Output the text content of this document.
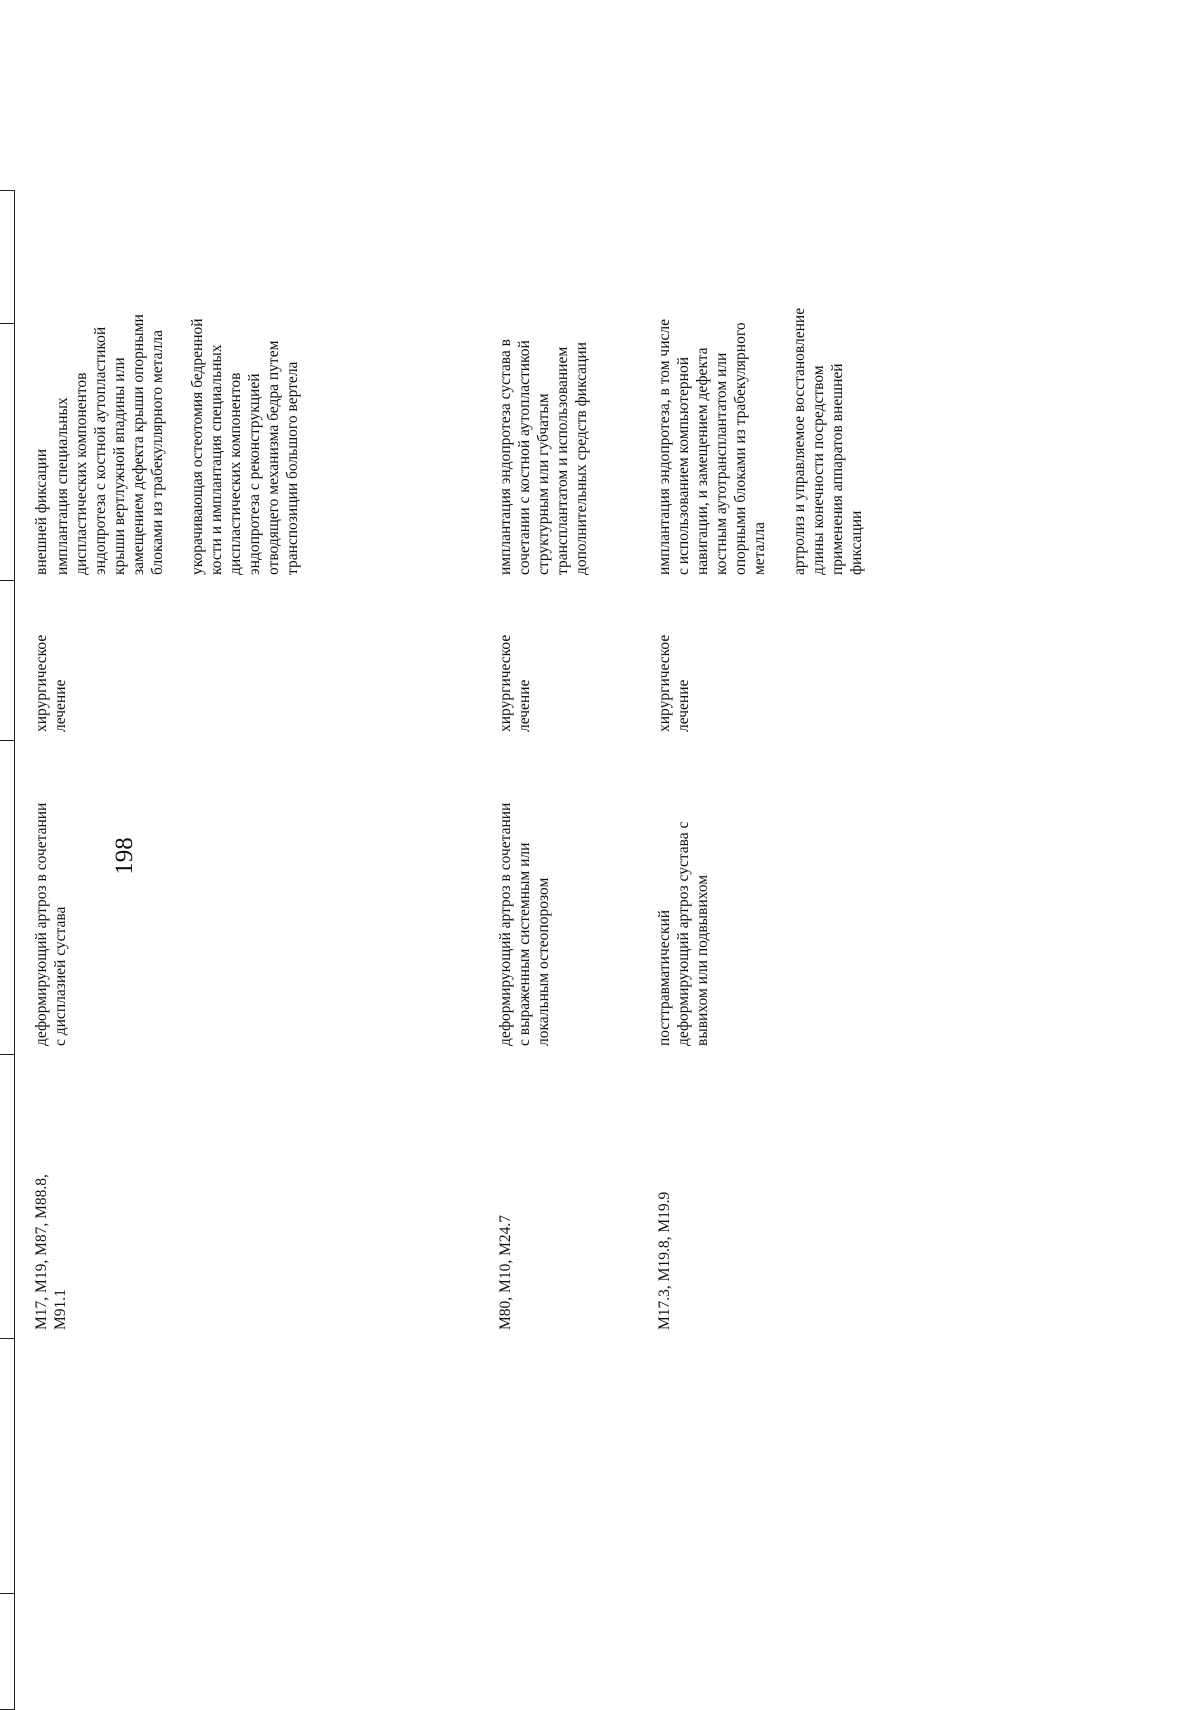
198
М17, М19, М87, М88.8, М91.1
деформирующий артроз в сочетании с дисплазией сустава
хирургическое лечение
внешней фиксации имплантация специальных диспластических компонентов эндопротеза с костной аутопластикой крыши вертлужной впадины или замещением дефекта крыши опорными блоками из трабекуллярного металла укорачивающая остеотомия бедренной кости и имплантация специальных диспластических компонентов эндопротеза с реконструкцией отводящего механизма бедра путем транспозиции большого вертела
М80, М10, М24.7
деформирующий артроз в сочетании с выраженным системным или локальным остеопорозом
хирургическое лечение
имплантация эндопротеза сустава в сочетании с костной аутопластикой структурным или губчатым трансплантатом и использованием дополнительных средств фиксации
М17.3, М19.8, М19.9
посттравматический деформирующий артроз сустава с вывихом или подвывихом
хирургическое лечение
имплантация эндопротеза, в том числе с использованием компьютерной навигации, и замещением дефекта костным аутотрансплантатом или опорными блоками из трабекулярного металла артролиз и управляемое восстановление длины конечности посредством применения аппаратов внешней фиксации
